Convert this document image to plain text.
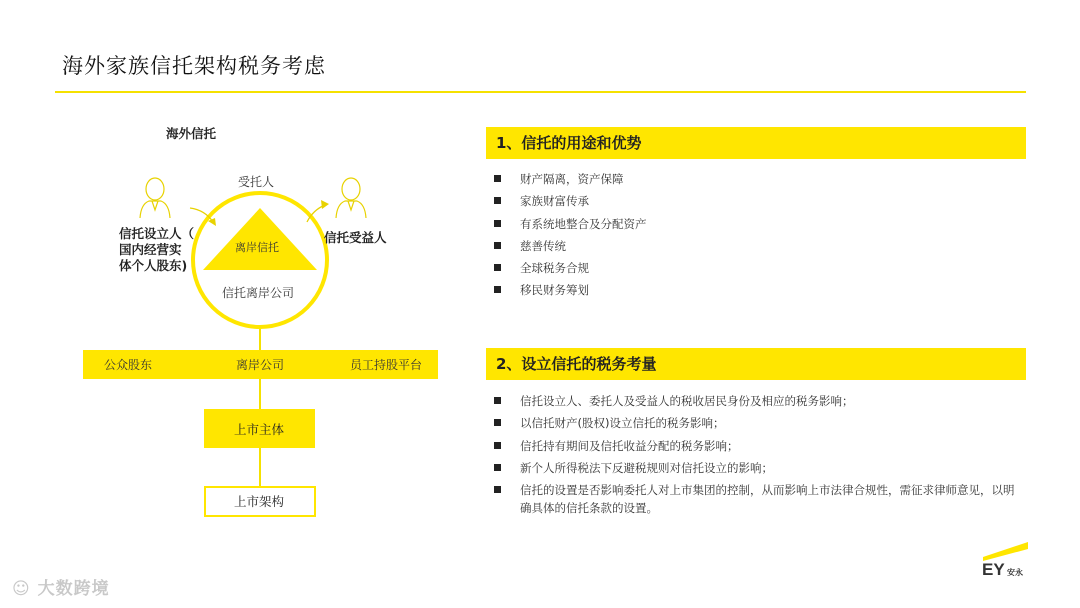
海外家族信托架构税务考虑
海外信托
受托人
离岸信托
信托离岸公司
信托设立人（
国内经营实
体个人股东)
信托受益人
公众股东	离岸公司	员工持股平台
上市主体
上市架构
1、信托的用途和优势
财产隔离，资产保障
家族财富传承
有系统地整合及分配资产
慈善传统
全球税务合规
移民财务筹划
2、设立信托的税务考量
信托设立人、委托人及受益人的税收居民身份及相应的税务影响；
以信托财产(股权)设立信托的税务影响；
信托持有期间及信托收益分配的税务影响；
新个人所得税法下反避税规则对信托设立的影响；
信托的设置是否影响委托人对上市集团的控制，从而影响上市法律合规性，需征求律师意见，以明确具体的信托条款的设置。
EY 安永
☺ 大数跨境
